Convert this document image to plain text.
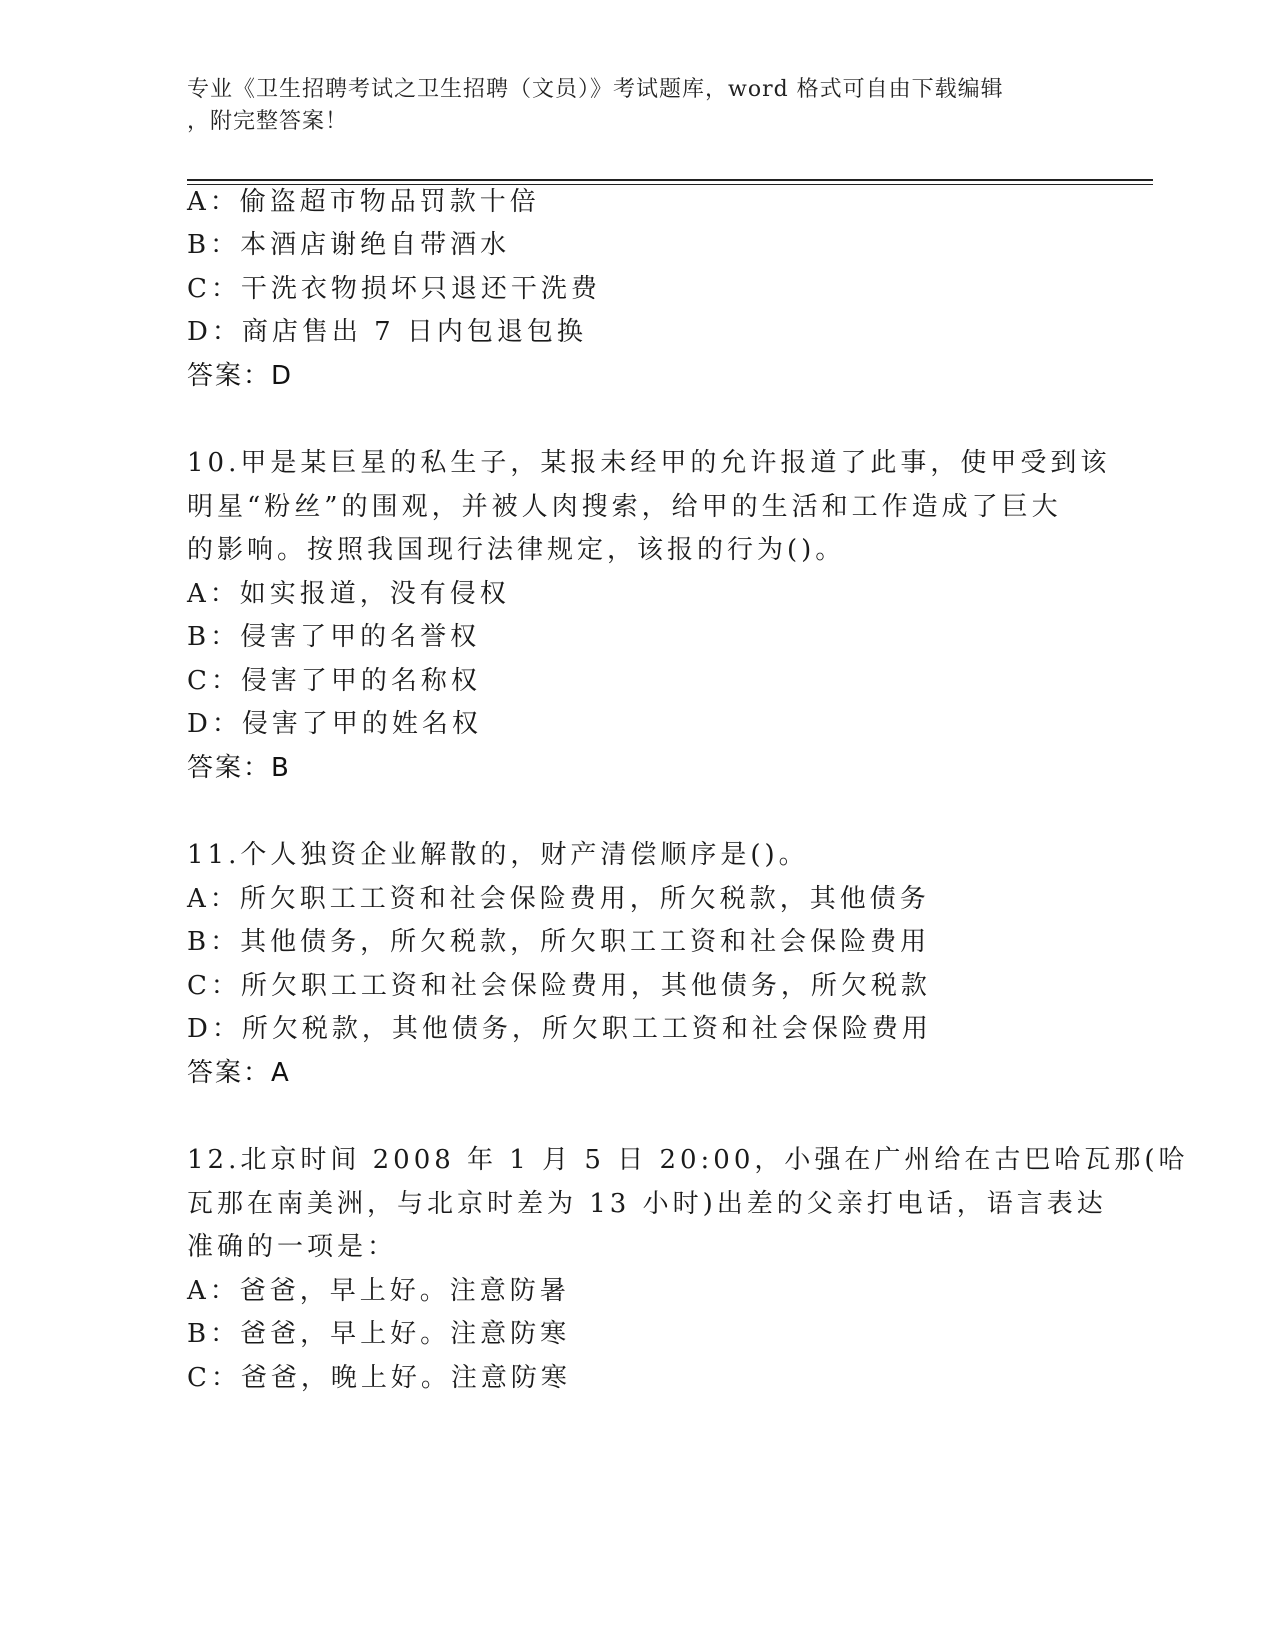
专业《卫生招聘考试之卫生招聘（文员）》考试题库，word 格式可自由下载编辑
，附完整答案！
A：偷盗超市物品罚款十倍
B：本酒店谢绝自带酒水
C：干洗衣物损坏只退还干洗费
D：商店售出 7 日内包退包换
答案：D
10.甲是某巨星的私生子，某报未经甲的允许报道了此事，使甲受到该
明星“粉丝”的围观，并被人肉搜索，给甲的生活和工作造成了巨大
的影响。按照我国现行法律规定，该报的行为()。
A：如实报道，没有侵权
B：侵害了甲的名誉权
C：侵害了甲的名称权
D：侵害了甲的姓名权
答案：B
11.个人独资企业解散的，财产清偿顺序是()。
A：所欠职工工资和社会保险费用，所欠税款，其他债务
B：其他债务，所欠税款，所欠职工工资和社会保险费用
C：所欠职工工资和社会保险费用，其他债务，所欠税款
D：所欠税款，其他债务，所欠职工工资和社会保险费用
答案：A
12.北京时间 2008 年 1 月 5 日 20:00，小强在广州给在古巴哈瓦那(哈
瓦那在南美洲，与北京时差为 13 小时)出差的父亲打电话，语言表达
准确的一项是：
A：爸爸，早上好。注意防暑
B：爸爸，早上好。注意防寒
C：爸爸，晚上好。注意防寒
